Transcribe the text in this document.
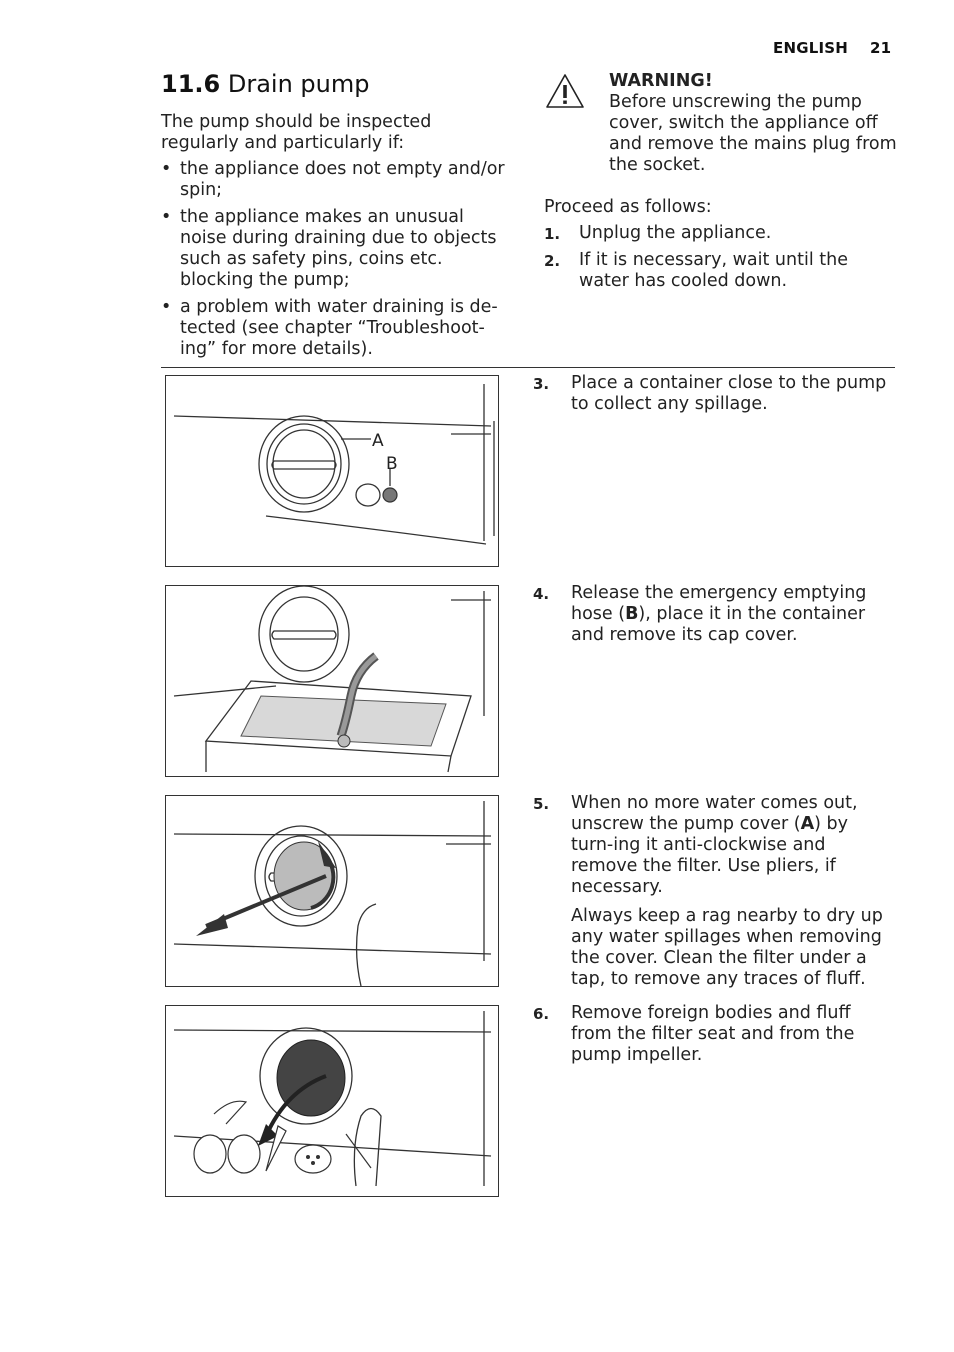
ENGLISH 21
11.6 Drain pump
The pump should be inspected regularly and particularly if:
• the appliance does not empty and/or spin;
• the appliance makes an unusual noise during draining due to objects such as safety pins, coins etc. blocking the pump;
• a problem with water draining is de-tected (see chapter “Troubleshoot-ing” for more details).
WARNING!
Before unscrewing the pump cover, switch the appliance off and remove the mains plug from the socket.
Proceed as follows:
1. Unplug the appliance.
2. If it is necessary, wait until the water has cooled down.
A
B
3. Place a container close to the pump to collect any spillage.
4. Release the emergency emptying hose (B), place it in the container and remove its cap cover.
5. When no more water comes out, unscrew the pump cover (A) by turn-ing it anti-clockwise and remove the filter. Use pliers, if necessary.
Always keep a rag nearby to dry up any water spillages when removing the cover. Clean the filter under a tap, to remove any traces of fluff.
6. Remove foreign bodies and fluff from the filter seat and from the pump impeller.
